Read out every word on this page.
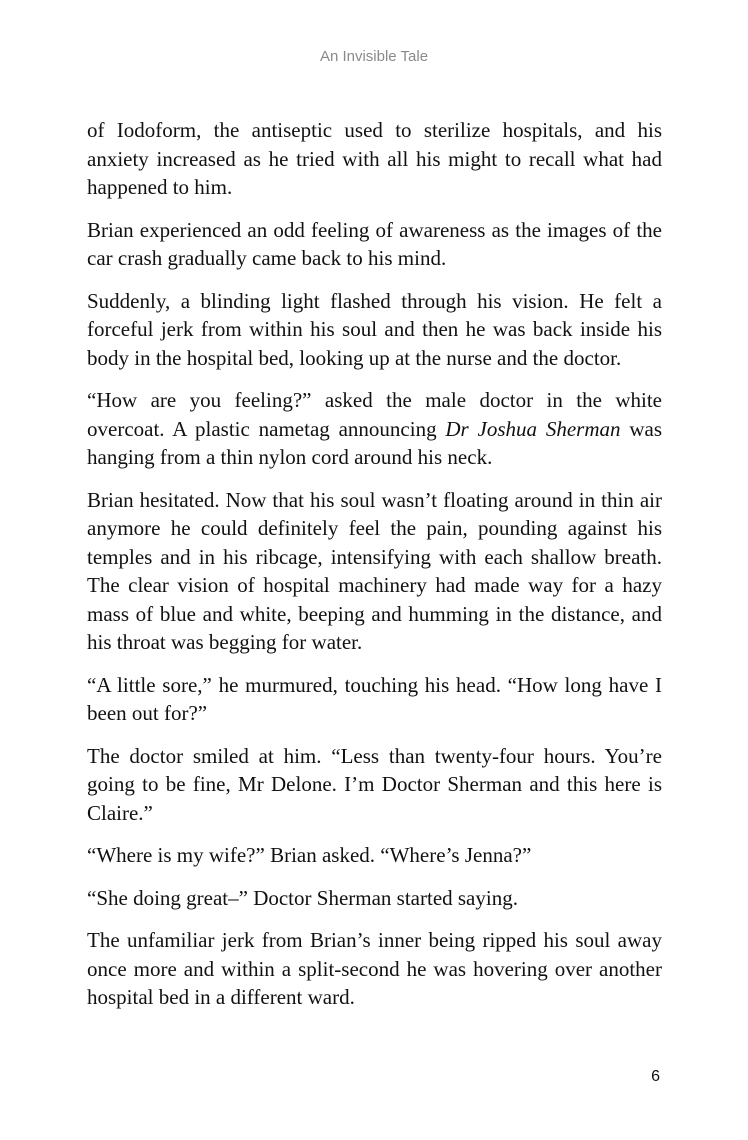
An Invisible Tale

of Iodoform, the antiseptic used to sterilize hospitals, and his anxiety increased as he tried with all his might to recall what had happened to him.

Brian experienced an odd feeling of awareness as the images of the car crash gradually came back to his mind.

Suddenly, a blinding light flashed through his vision. He felt a forceful jerk from within his soul and then he was back inside his body in the hospital bed, looking up at the nurse and the doctor.

“How are you feeling?” asked the male doctor in the white overcoat. A plastic nametag announcing Dr Joshua Sherman was hanging from a thin nylon cord around his neck.

Brian hesitated. Now that his soul wasn’t floating around in thin air anymore he could definitely feel the pain, pounding against his temples and in his ribcage, intensifying with each shallow breath. The clear vision of hospital machinery had made way for a hazy mass of blue and white, beeping and humming in the distance, and his throat was begging for water.

“A little sore,” he murmured, touching his head. “How long have I been out for?”

The doctor smiled at him. “Less than twenty-four hours. You’re going to be fine, Mr Delone. I’m Doctor Sherman and this here is Claire.”

“Where is my wife?” Brian asked. “Where’s Jenna?”

“She doing great–” Doctor Sherman started saying.

The unfamiliar jerk from Brian’s inner being ripped his soul away once more and within a split-second he was hovering over another hospital bed in a different ward.

6
